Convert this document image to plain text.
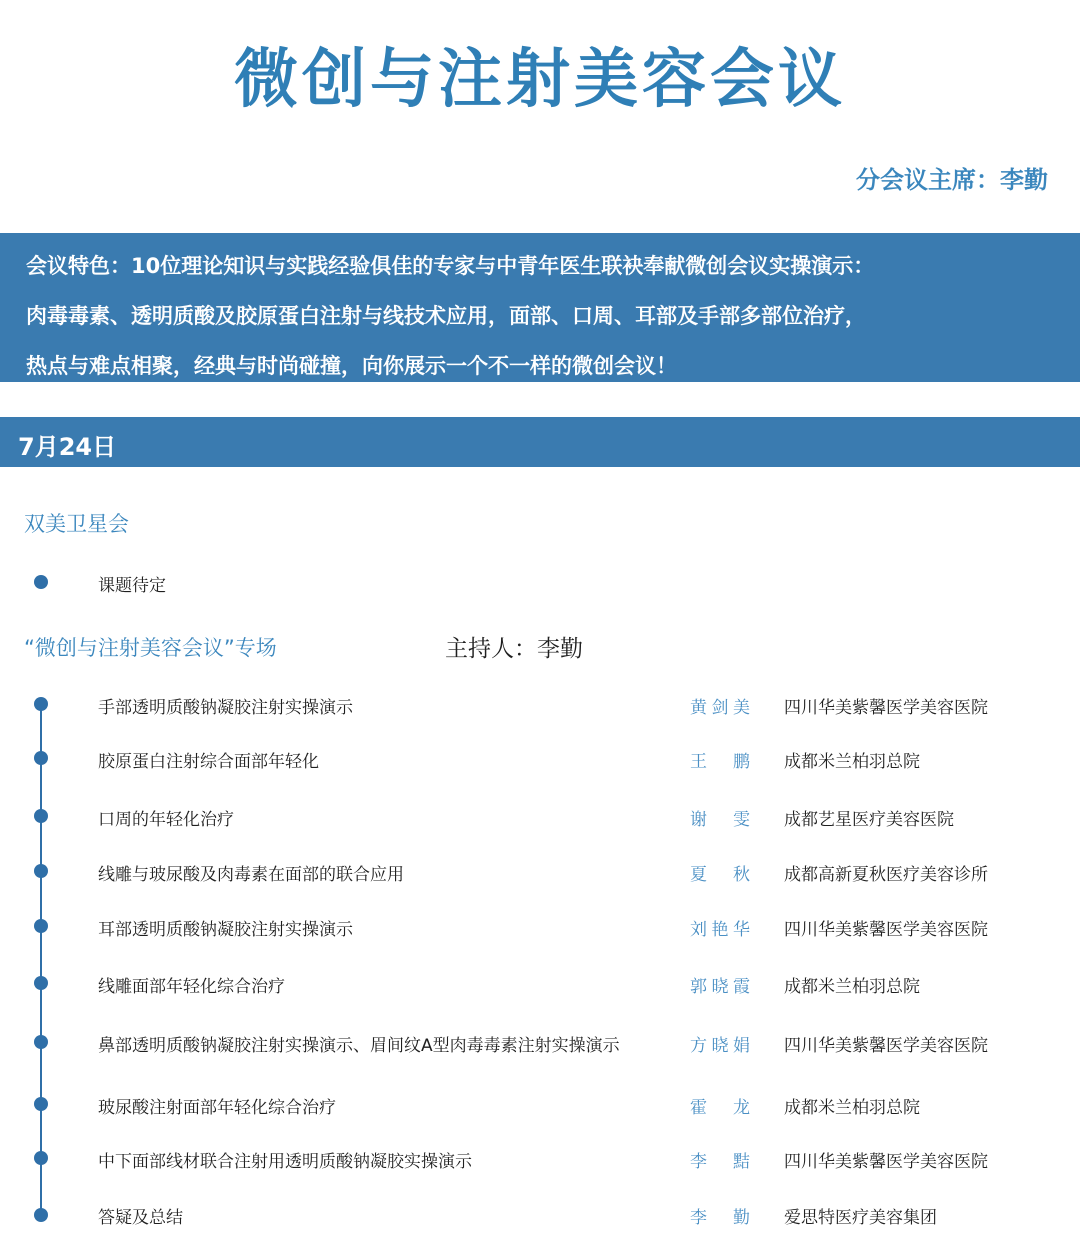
微创与注射美容会议
分会议主席：李勤
会议特色：10位理论知识与实践经验俱佳的专家与中青年医生联袂奉献微创会议实操演示：
肉毒毒素、透明质酸及胶原蛋白注射与线技术应用，面部、口周、耳部及手部多部位治疗，
热点与难点相聚，经典与时尚碰撞，向你展示一个不一样的微创会议！
7月24日
双美卫星会
课题待定
“微创与注射美容会议”专场	主持人：李勤
手部透明质酸钠凝胶注射实操演示	黄剑美 四川华美紫馨医学美容医院
胶原蛋白注射综合面部年轻化	王 鹏 成都米兰柏羽总院
口周的年轻化治疗	谢 雯 成都艺星医疗美容医院
线雕与玻尿酸及肉毒素在面部的联合应用	夏 秋 成都高新夏秋医疗美容诊所
耳部透明质酸钠凝胶注射实操演示	刘艳华 四川华美紫馨医学美容医院
线雕面部年轻化综合治疗	郭晓霞 成都米兰柏羽总院
鼻部透明质酸钠凝胶注射实操演示、眉间纹A型肉毒毒素注射实操演示	方晓娟 四川华美紫馨医学美容医院
玻尿酸注射面部年轻化综合治疗	霍 龙 成都米兰柏羽总院
中下面部线材联合注射用透明质酸钠凝胶实操演示	李 黠 四川华美紫馨医学美容医院
答疑及总结	李 勤 爱思特医疗美容集团
